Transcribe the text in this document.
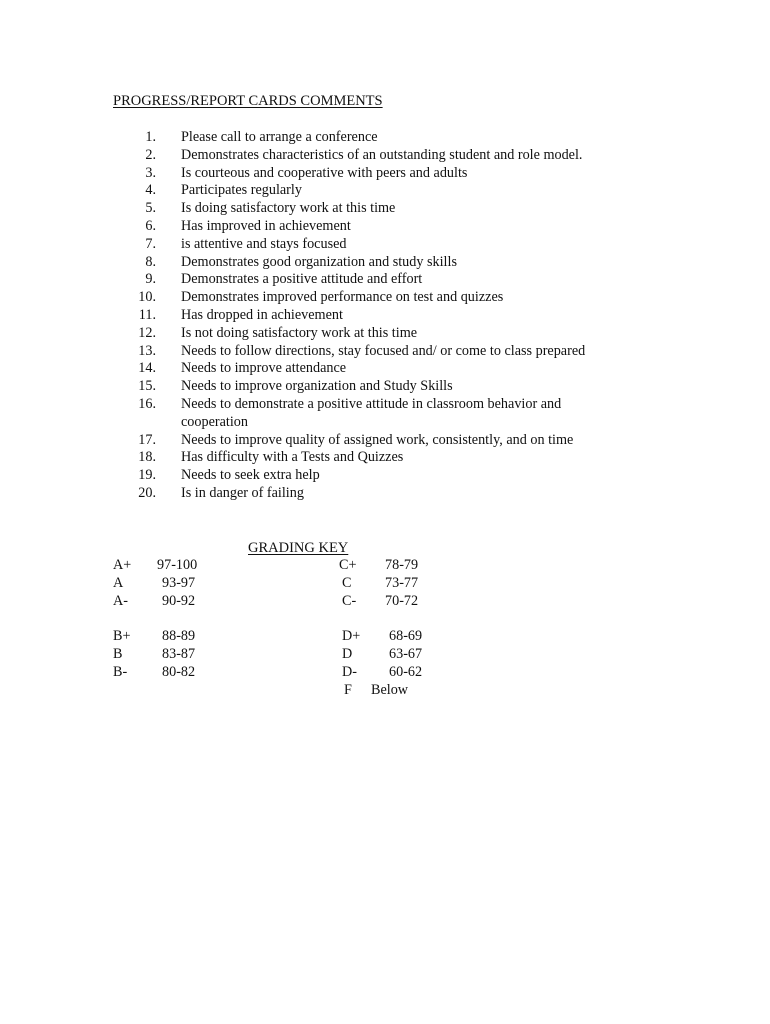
PROGRESS/REPORT CARDS COMMENTS
1. Please call to arrange a conference
2. Demonstrates characteristics of an outstanding student and role model.
3. Is courteous and cooperative with peers and adults
4. Participates regularly
5. Is doing satisfactory work at this time
6. Has improved in achievement
7. is attentive and stays focused
8. Demonstrates good organization and study skills
9. Demonstrates a positive attitude and effort
10. Demonstrates improved performance on test and quizzes
11. Has dropped in achievement
12. Is not doing satisfactory work at this time
13. Needs to follow directions, stay focused and/ or come to class prepared
14. Needs to improve attendance
15. Needs to improve organization and Study Skills
16. Needs to demonstrate a positive attitude in classroom behavior and cooperation
17. Needs to improve quality of assigned work, consistently, and on time
18. Has difficulty with a Tests and Quizzes
19. Needs to seek extra help
20. Is in danger of failing
GRADING KEY
A+ 97-100
A	93-97
A- 90-92
B+ 88-89
B	83-87
B- 80-82
C+ 78-79
C 73-77
C- 70-72
D+ 68-69
D	63-67
D- 60-62
F Below
